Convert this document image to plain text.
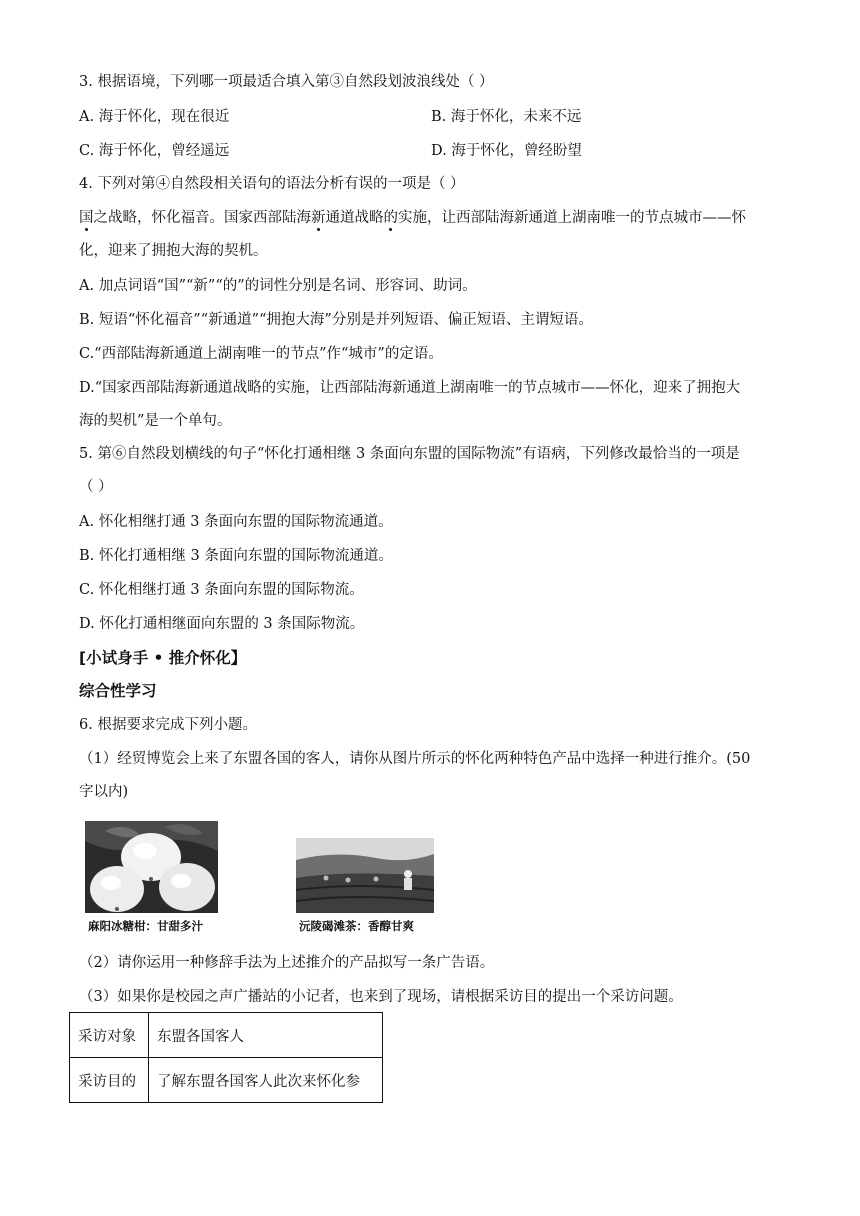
3. 根据语境，下列哪一项最适合填入第③自然段划波浪线处（ ）
A. 海于怀化，现在很近	B. 海于怀化，未来不远
C. 海于怀化，曾经遥远	D. 海于怀化，曾经盼望
4. 下列对第④自然段相关语句的语法分析有误的一项是（ ）
国之战略，怀化福音。国家西部陆海新通道战略的实施，让西部陆海新通道上湖南唯一的节点城市——怀
化，迎来了拥抱大海的契机。
A. 加点词语“国”“新”“的”的词性分别是名词、形容词、助词。
B. 短语“怀化福音”“新通道”“拥抱大海”分别是并列短语、偏正短语、主谓短语。
C.“西部陆海新通道上湖南唯一的节点”作“城市”的定语。
D.“国家西部陆海新通道战略的实施，让西部陆海新通道上湖南唯一的节点城市——怀化，迎来了拥抱大
海的契机”是一个单句。
5. 第⑥自然段划横线的句子“怀化打通相继 3 条面向东盟的国际物流”有语病，下列修改最恰当的一项是
（ ）
A. 怀化相继打通 3 条面向东盟的国际物流通道。
B. 怀化打通相继 3 条面向东盟的国际物流通道。
C. 怀化相继打通 3 条面向东盟的国际物流。
D. 怀化打通相继面向东盟的 3 条国际物流。
[小试身手 • 推介怀化】
综合性学习
6. 根据要求完成下列小题。
（1）经贸博览会上来了东盟各国的客人，请你从图片所示的怀化两种特色产品中选择一种进行推介。(50
字以内)
麻阳冰糖柑：甘甜多汁	沅陵碣滩茶：香醇甘爽
（2）请你运用一种修辞手法为上述推介的产品拟写一条广告语。
（3）如果你是校园之声广播站的小记者，也来到了现场，请根据采访目的提出一个采访问题。
采访对象	东盟各国客人
采访目的	了解东盟各国客人此次来怀化参
